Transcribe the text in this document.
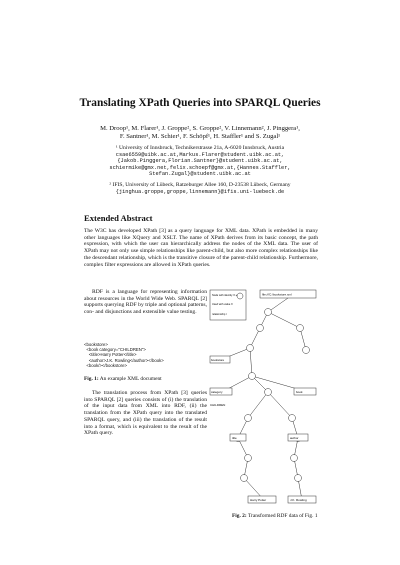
Translating XPath Queries into SPARQL Queries
M. Droop¹, M. Flarer¹, J. Groppe², S. Groppe², V. Linnemann², J. Pinggera¹,
F. Santner¹, M. Schier¹, F. Schöpf¹, H. Staffler¹ and S. Zugal¹
¹ University of Innsbruck, Technikerstrasse 21a, A-6020 Innsbruck, Austria
csae6559@uibk.ac.at,Markus.Flarer@student.uibk.ac.at,
{Jakob.Pinggera,Florian.Santner}@student.uibk.ac.at,
schiermike@gmx.net,felix.schoepf@gmx.at,{Hannes.Staffler,
Stefan.Zugal}@student.uibk.ac.at
² IFIS, University of Lübeck, Ratzeburger Allee 160, D-23538 Lübeck, Germany
{jinghua.groppe,groppe,linnemann}@ifis.uni-luebeck.de
Extended Abstract
The W3C has developed XPath [3] as a query language for XML data. XPath is embedded in many other languages like XQuery and XSLT. The name of XPath derives from its basic concept, the path expression, with which the user can hierarchically address the nodes of the XML data. The user of XPath may not only use simple relationships like parent-child, but also more complex relationships like the descendant relationship, which is the transitive closure of the parent-child relationship. Furthermore, complex filter expressions are allowed in XPath queries.
RDF is a language for representing information about resources in the World Wide Web. SPARQL [2] supports querying RDF by triple and optional patterns, con- and disjunctions and extensible value testing.
<bookstore>
<book category="CHILDREN">
<title>Harry Potter</title>
<author>J.K. Rowling</author></book>
<book/></bookstore>
Fig. 1: An example XML document
The translation process from XPath [3] queries into SPARQL [2] queries consists of (i) the translation of the input data from XML into RDF, (ii) the translation from the XPath query into the translated SPARQL query, and (iii) the translation of the result into a format, which is equivalent to the result of the XPath query.
Node with identity X ≡
Used with value X
relationship r
file:///C:/bookstore.xml
bookstore
category	book
title	author
Harry Potter	J.K. Rowling
CHILDREN
Fig. 2: Transformed RDF data of Fig. 1
